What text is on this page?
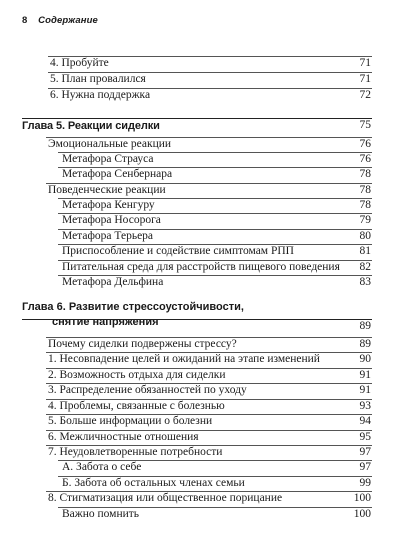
8 Содержание
4. Пробуйте	71
5. План провалился	71
6. Нужна поддержка	72
Глава 5. Реакции сиделки	75
Эмоциональные реакции	76
Метафора Страуса	76
Метафора Сенбернара	78
Поведенческие реакции	78
Метафора Кенгуру	78
Метафора Носорога	79
Метафора Терьера	80
Приспособление и содействие симптомам РПП	81
Питательная среда для расстройств пищевого поведения 82
Метафора Дельфина	83
Глава 6. Развитие стрессоустойчивости,
снятие напряжения	89
Почему сиделки подвержены стрессу?	89
1. Несовпадение целей и ожиданий на этапе изменений	90
2. Возможность отдыха для сиделки	91
3. Распределение обязанностей по уходу	91
4. Проблемы, связанные с болезнью	93
5. Больше информации о болезни	94
6. Межличностные отношения	95
7. Неудовлетворенные потребности	97
А. Забота о себе	97
Б. Забота об остальных членах семьи	99
8. Стигматизация или общественное порицание	100
Важно помнить	100
